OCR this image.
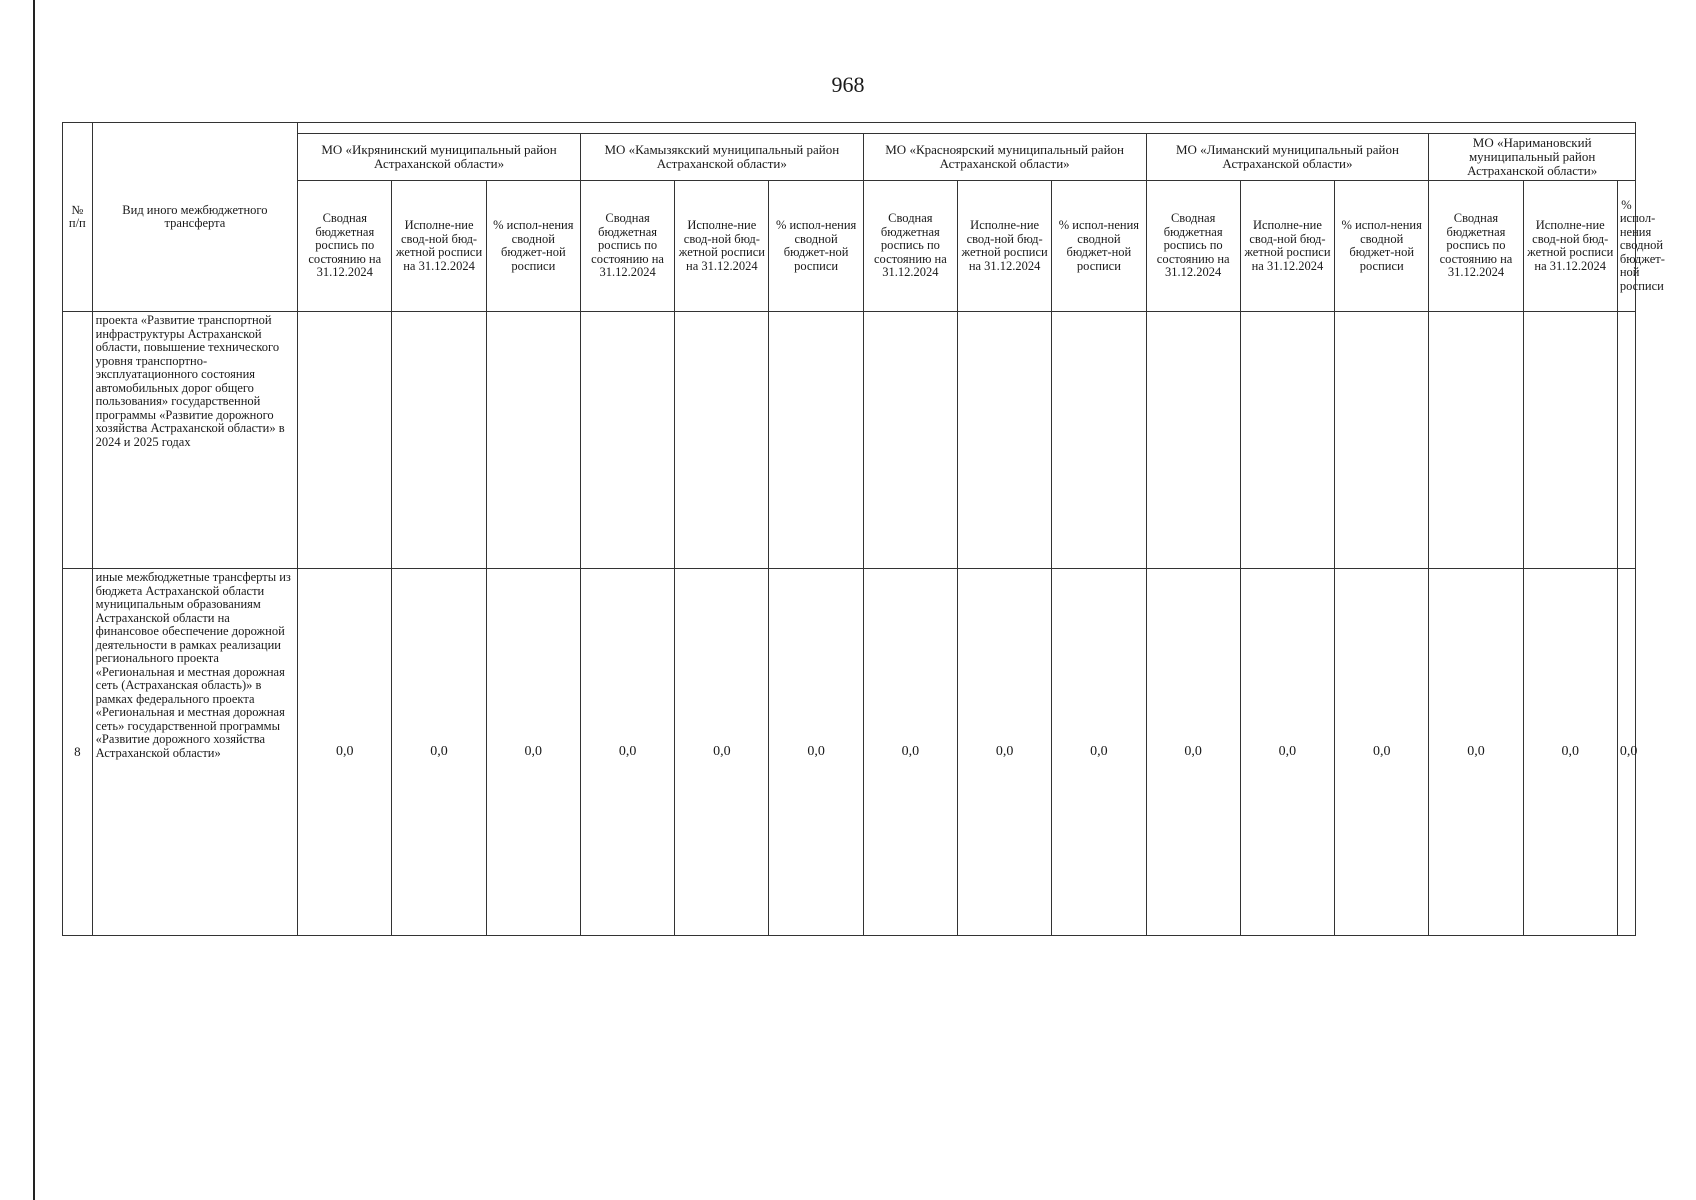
968
№ п/п	Вид иного межбюджетного трансферта															
		МО «Икрянинский муниципальный район Астраханской области»			МО «Камызякский муниципальный район Астраханской области»			МО «Красноярский муниципальный район Астраханской области»			МО «Лиманский муниципальный район Астраханской области»			МО «Наримановский муниципальный район Астраханской области»		
		Сводная бюджетная роспись по состоянию на 31.12.2024	Исполне-ние свод-ной бюд-жетной росписи на 31.12.2024	% испол-нения сводной бюджет-ной росписи	Сводная бюджетная роспись по состоянию на 31.12.2024	Исполне-ние свод-ной бюд-жетной росписи на 31.12.2024	% испол-нения сводной бюджет-ной росписи	Сводная бюджетная роспись по состоянию на 31.12.2024	Исполне-ние свод-ной бюд-жетной росписи на 31.12.2024	% испол-нения сводной бюджет-ной росписи	Сводная бюджетная роспись по состоянию на 31.12.2024	Исполне-ние свод-ной бюд-жетной росписи на 31.12.2024	% испол-нения сводной бюджет-ной росписи	Сводная бюджетная роспись по состоянию на 31.12.2024	Исполне-ние свод-ной бюд-жетной росписи на 31.12.2024	% испол-нения сводной бюджет-ной росписи
	проекта «Развитие транспортной инфраструктуры Астраханской области, повышение технического уровня транспортно-эксплуатационного состояния автомобильных дорог общего пользования» государственной программы «Развитие дорожного хозяйства Астраханской области» в 2024 и 2025 годах															
8	иные межбюджетные трансферты из бюджета Астраханской области муниципальным образованиям Астраханской области на финансовое обеспечение дорожной деятельности в рамках реализации регионального проекта «Региональная и местная дорожная сеть (Астраханская область)» в рамках федерального проекта «Региональная и местная дорожная сеть» государственной программы «Развитие дорожного хозяйства Астраханской области»	0,0	0,0	0,0	0,0	0,0	0,0	0,0	0,0	0,0	0,0	0,0	0,0	0,0	0,0	0,0
